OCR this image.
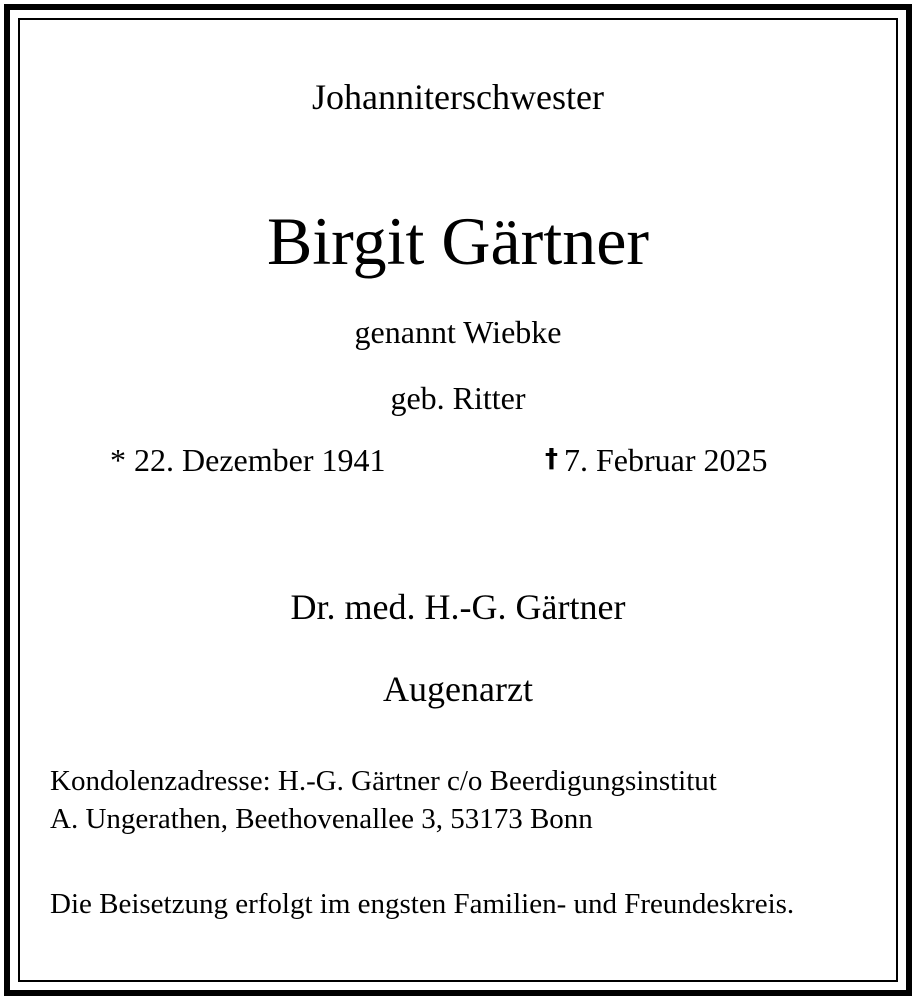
Johanniterschwester
Birgit Gärtner
genannt Wiebke
geb. Ritter
* 22. Dezember 1941	† 7. Februar 2025
Dr. med. H.-G. Gärtner
Augenarzt
Kondolenzadresse: H.-G. Gärtner c/o Beerdigungsinstitut
A. Ungerathen, Beethovenallee 3, 53173 Bonn
Die Beisetzung erfolgt im engsten Familien- und Freundeskreis.
